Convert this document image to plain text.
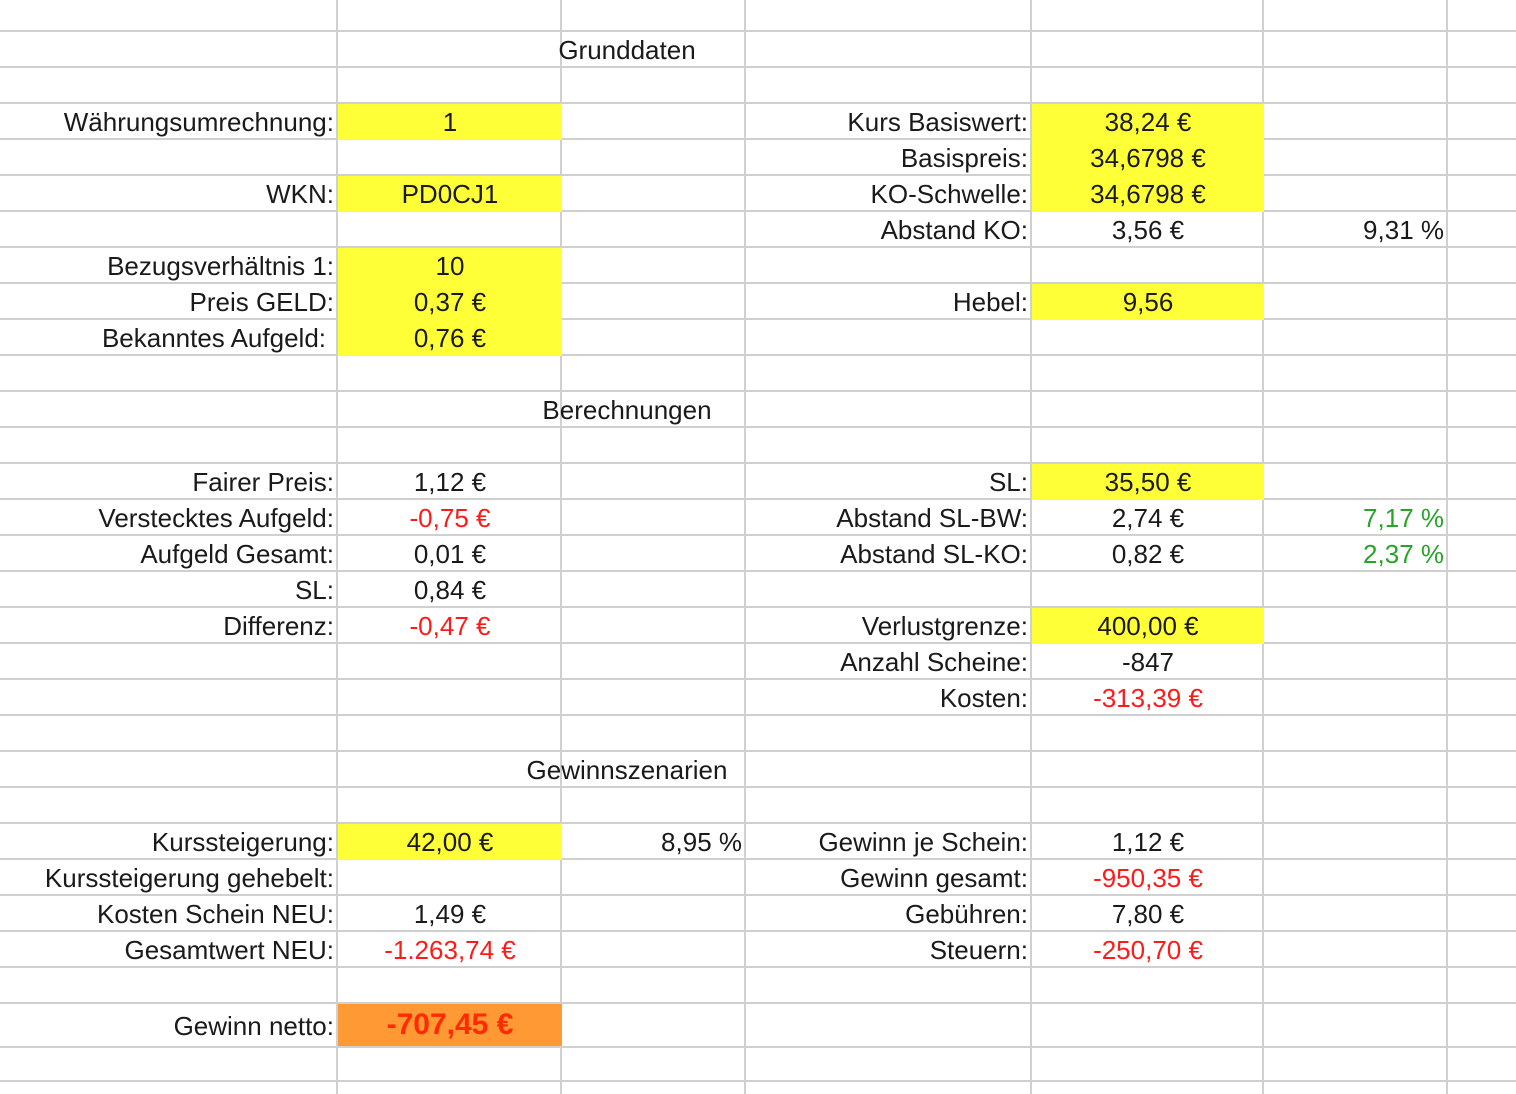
Grunddaten
Berechnungen
Gewinnszenarien
Währungsumrechnung:	1
WKN:	PD0CJ1
Bezugsverhältnis 1:	10
Preis GELD:	0,37 €
Bekanntes Aufgeld:	0,76 €
Kurs Basiswert:	38,24 €
Basispreis:	34,6798 €
KO-Schwelle:	34,6798 €
Abstand KO:	3,56 €	9,31 %
Hebel:	9,56
Fairer Preis:	1,12 €
Verstecktes Aufgeld:	-0,75 €
Aufgeld Gesamt:	0,01 €
SL:	0,84 €
Differenz:	-0,47 €
SL:	35,50 €
Abstand SL-BW:	2,74 €	7,17 %
Abstand SL-KO:	0,82 €	2,37 %
Verlustgrenze:	400,00 €
Anzahl Scheine:	-847
Kosten:	-313,39 €
Kurssteigerung:	42,00 €	8,95 %
Kurssteigerung gehebelt:
Kosten Schein NEU:	1,49 €
Gesamtwert NEU:	-1.263,74 €
Gewinn netto:	-707,45 €
Gewinn je Schein:	1,12 €
Gewinn gesamt:	-950,35 €
Gebühren:	7,80 €
Steuern:	-250,70 €
